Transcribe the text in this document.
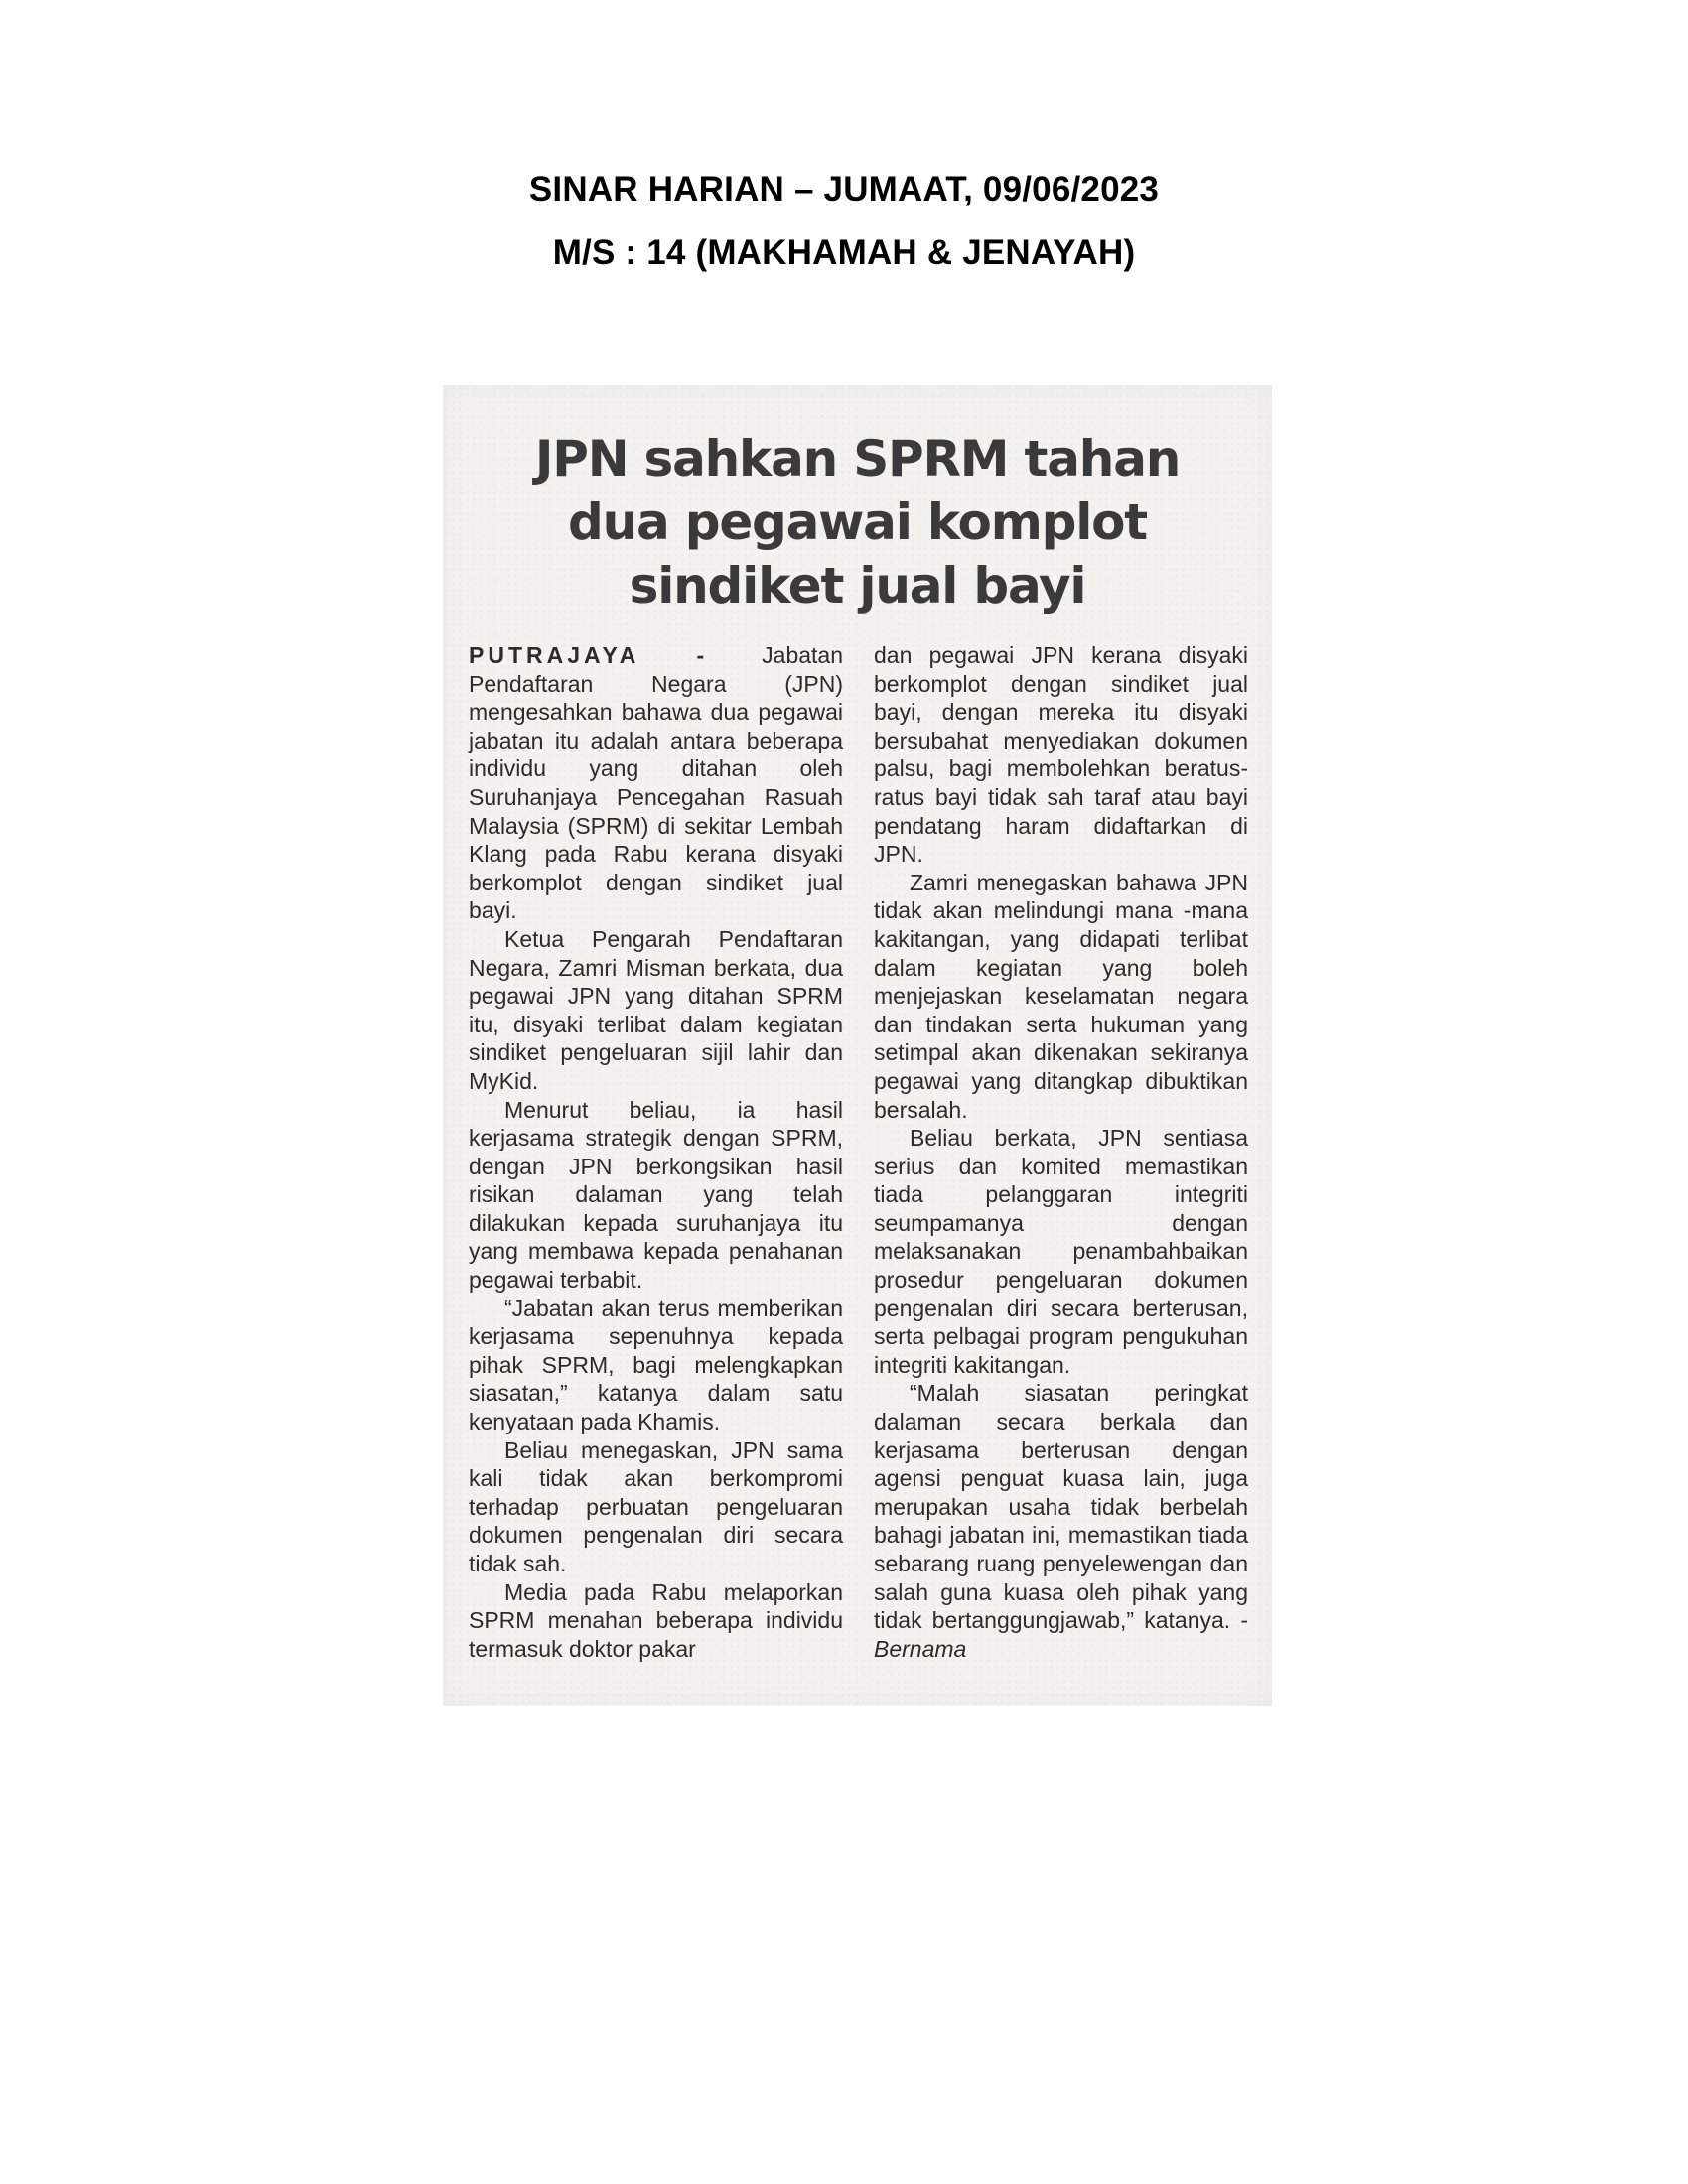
SINAR HARIAN – JUMAAT, 09/06/2023

M/S : 14 (MAKHAMAH & JENAYAH)

JPN sahkan SPRM tahan
dua pegawai komplot
sindiket jual bayi

PUTRAJAYA - Jabatan Pendaftaran Negara (JPN) mengesahkan bahawa dua pegawai jabatan itu adalah antara beberapa individu yang ditahan oleh Suruhanjaya Pencegahan Rasuah Malaysia (SPRM) di sekitar Lembah Klang pada Rabu kerana disyaki berkomplot dengan sindiket jual bayi.

Ketua Pengarah Pendaftaran Negara, Zamri Misman berkata, dua pegawai JPN yang ditahan SPRM itu, disyaki terlibat dalam kegiatan sindiket pengeluaran sijil lahir dan MyKid.

Menurut beliau, ia hasil kerjasama strategik dengan SPRM, dengan JPN berkongsikan hasil risikan dalaman yang telah dilakukan kepada suruhanjaya itu yang membawa kepada penahanan pegawai terbabit.

“Jabatan akan terus memberikan kerjasama sepenuhnya kepada pihak SPRM, bagi melengkapkan siasatan,” katanya dalam satu kenyataan pada Khamis.

Beliau menegaskan, JPN sama kali tidak akan berkompromi terhadap perbuatan pengeluaran dokumen pengenalan diri secara tidak sah.

Media pada Rabu melaporkan SPRM menahan beberapa individu termasuk doktor pakar

dan pegawai JPN kerana disyaki berkomplot dengan sindiket jual bayi, dengan mereka itu disyaki bersubahat menyediakan dokumen palsu, bagi membolehkan beratus-ratus bayi tidak sah taraf atau bayi pendatang haram didaftarkan di JPN.

Zamri menegaskan bahawa JPN tidak akan melindungi mana -mana kakitangan, yang didapati terlibat dalam kegiatan yang boleh menjejaskan keselamatan negara dan tindakan serta hukuman yang setimpal akan dikenakan sekiranya pegawai yang ditangkap dibuktikan bersalah.

Beliau berkata, JPN sentiasa serius dan komited memastikan tiada pelanggaran integriti seumpamanya dengan melaksanakan penambahbaikan prosedur pengeluaran dokumen pengenalan diri secara berterusan, serta pelbagai program pengukuhan integriti kakitangan.

“Malah siasatan peringkat dalaman secara berkala dan kerjasama berterusan dengan agensi penguat kuasa lain, juga merupakan usaha tidak berbelah bahagi jabatan ini, memastikan tiada sebarang ruang penyelewengan dan salah guna kuasa oleh pihak yang tidak bertanggungjawab,” katanya. - Bernama
